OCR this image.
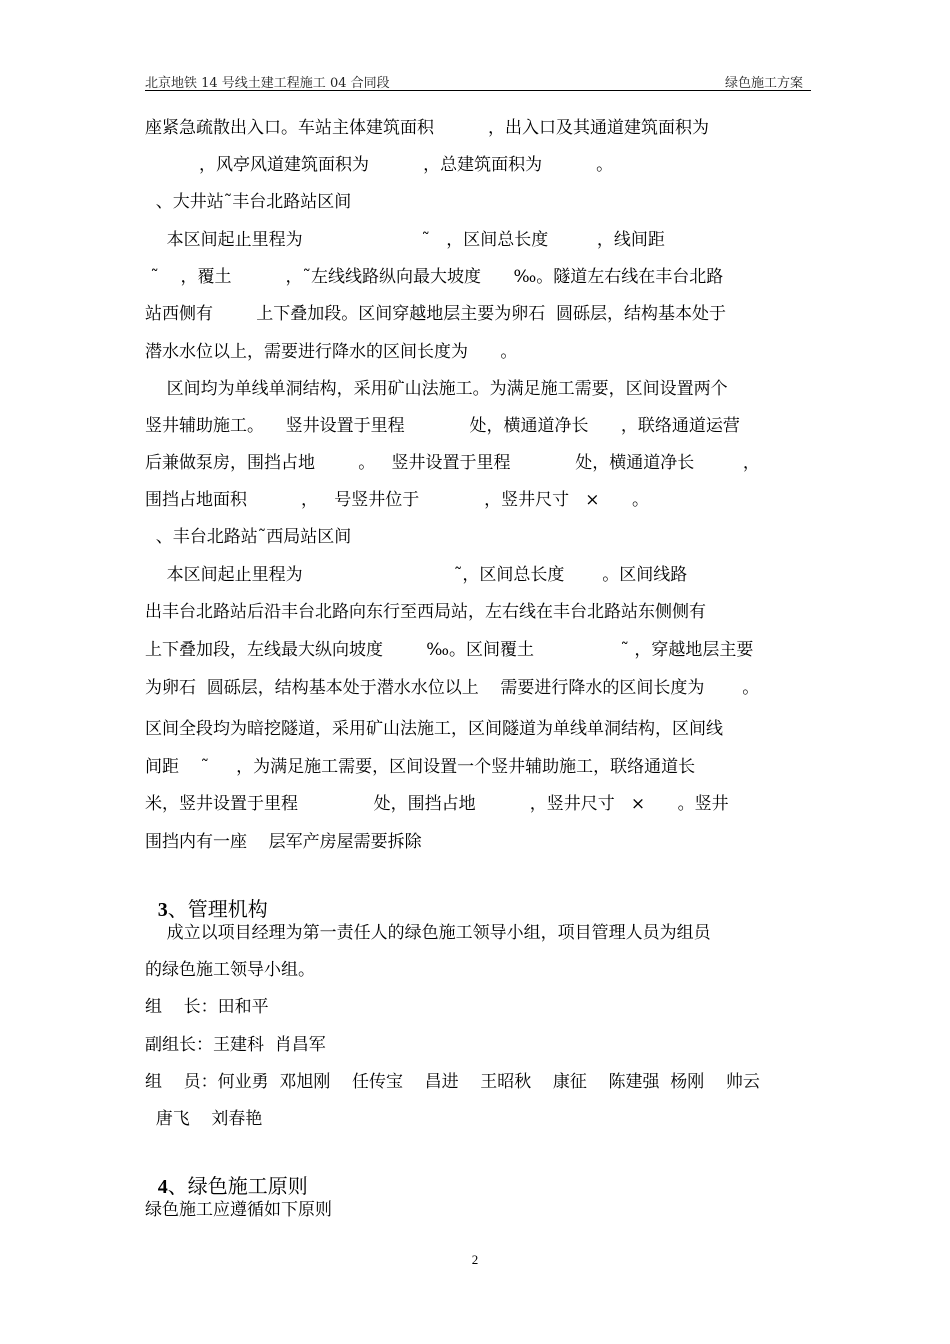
北京地铁 14 号线土建工程施工 04 合同段	绿色施工方案
座紧急疏散出入口。车站主体建筑面积          ，出入口及其通道建筑面积为
，风亭风道建筑面积为          ，总建筑面积为          。
、大井站˜丰台北路站区间
本区间起止里程为                      ˜   ，区间总长度         ，线间距
˜    ，覆土          ，˜左线线路纵向最大坡度      ‰。隧道左右线在丰台北路
站西侧有        上下叠加段。区间穿越地层主要为卵石  圆砾层，结构基本处于
潜水水位以上，需要进行降水的区间长度为      。
区间均为单线单洞结构，采用矿山法施工。为满足施工需要，区间设置两个
竖井辅助施工。    竖井设置于里程            处，横通道净长      ，联络通道运营
后兼做泵房，围挡占地        。   竖井设置于里程            处，横通道净长         ，
围挡占地面积          ，   号竖井位于            ，竖井尺寸   ×      。
、丰台北路站˜西局站区间
本区间起止里程为                            ˜，区间总长度       。区间线路
出丰台北路站后沿丰台北路向东行至西局站，左右线在丰台北路站东侧侧有
上下叠加段，左线最大纵向坡度        ‰。区间覆土                ˜ ，穿越地层主要
为卵石  圆砾层，结构基本处于潜水水位以上    需要进行降水的区间长度为       。
区间全段均为暗挖隧道，采用矿山法施工，区间隧道为单线单洞结构，区间线
间距    ˜     ，为满足施工需要，区间设置一个竖井辅助施工，联络通道长
米，竖井设置于里程              处，围挡占地          ，竖井尺寸   ×      。竖井
围挡内有一座    层军产房屋需要拆除

3、管理机构

成立以项目经理为第一责任人的绿色施工领导小组，项目管理人员为组员
的绿色施工领导小组。
组    长：田和平
副组长：王建科  肖昌军
组    员：何业勇  邓旭刚    任传宝    昌进    王昭秋    康征    陈建强  杨刚    帅云
唐飞    刘春艳

4、绿色施工原则

绿色施工应遵循如下原则
2
